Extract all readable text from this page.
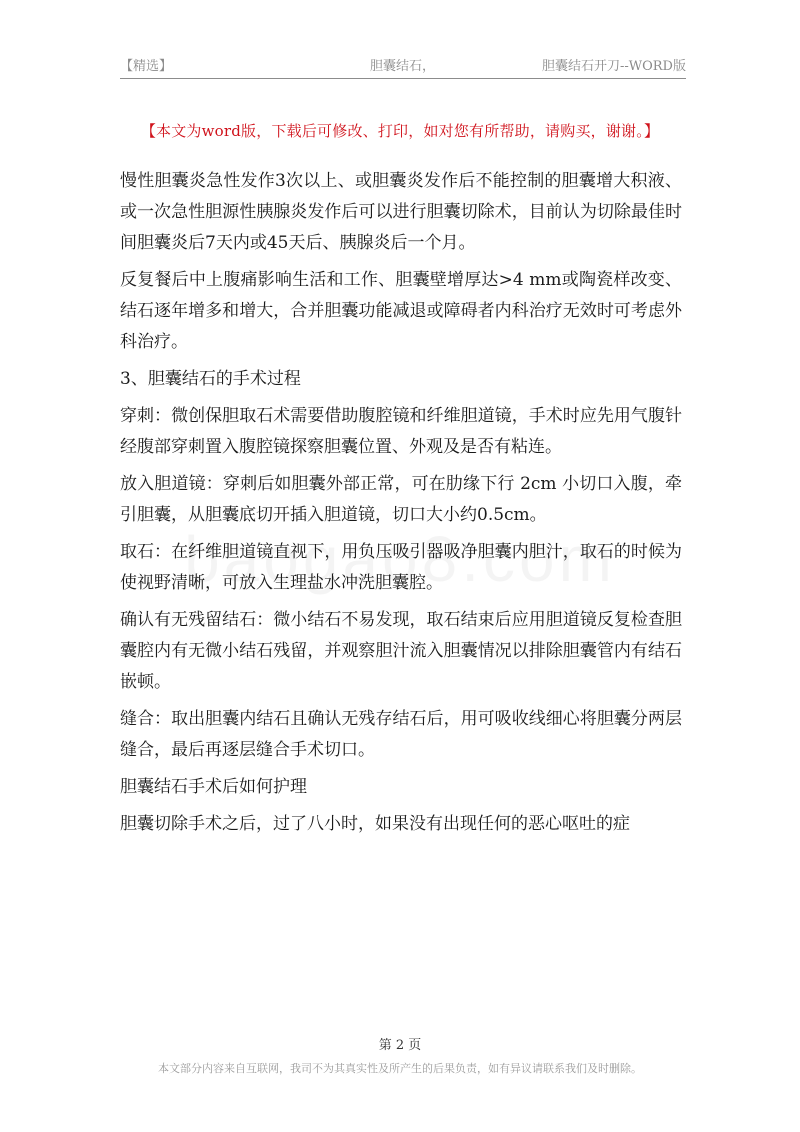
【精选】	胆囊结石，	胆囊结石开刀--WORD版
【本文为word版，下载后可修改、打印，如对您有所帮助，请购买，谢谢。】

慢性胆囊炎急性发作3次以上、或胆囊炎发作后不能控制的胆囊增大积液、或一次急性胆源性胰腺炎发作后可以进行胆囊切除术，目前认为切除最佳时间胆囊炎后7天内或45天后、胰腺炎后一个月。

反复餐后中上腹痛影响生活和工作、胆囊壁增厚达>4 mm或陶瓷样改变、结石逐年增多和增大，合并胆囊功能减退或障碍者内科治疗无效时可考虑外科治疗。

3、胆囊结石的手术过程

穿刺：微创保胆取石术需要借助腹腔镜和纤维胆道镜，手术时应先用气腹针经腹部穿刺置入腹腔镜探察胆囊位置、外观及是否有粘连。

放入胆道镜：穿刺后如胆囊外部正常，可在肋缘下行 2cm 小切口入腹，牵引胆囊，从胆囊底切开插入胆道镜，切口大小约0.5cm。

取石：在纤维胆道镜直视下，用负压吸引器吸净胆囊内胆汁，取石的时候为使视野清晰，可放入生理盐水冲洗胆囊腔。

确认有无残留结石：微小结石不易发现，取石结束后应用胆道镜反复检查胆囊腔内有无微小结石残留，并观察胆汁流入胆囊情况以排除胆囊管内有结石嵌顿。

缝合：取出胆囊内结石且确认无残存结石后，用可吸收线细心将胆囊分两层缝合，最后再逐层缝合手术切口。

胆囊结石手术后如何护理

胆囊切除手术之后，过了八小时，如果没有出现任何的恶心呕吐的症

第 2 页
本文部分内容来自互联网，我司不为其真实性及所产生的后果负责，如有异议请联系我们及时删除。
